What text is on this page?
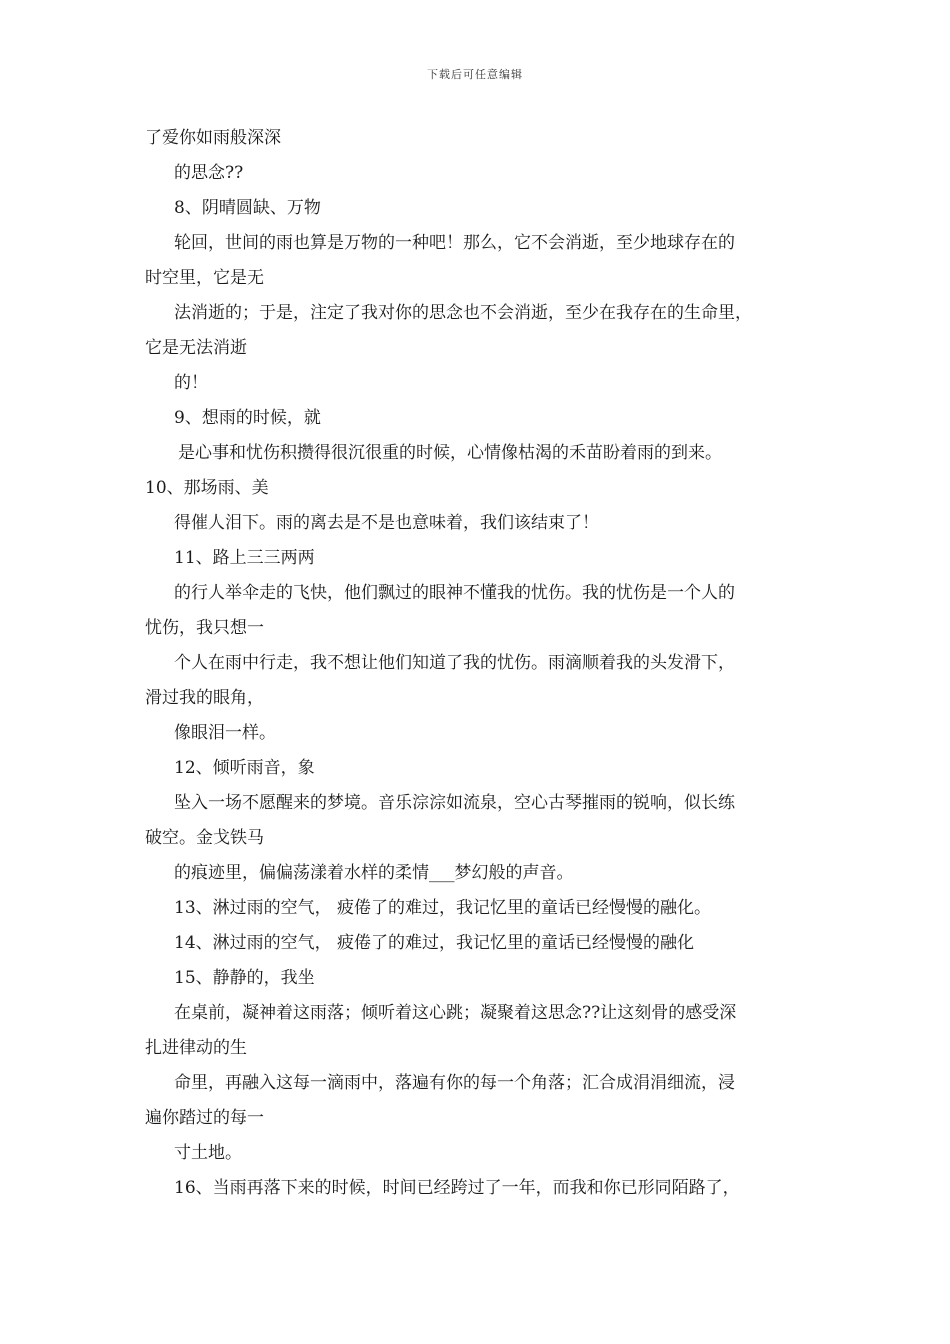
下载后可任意编辑
了爱你如雨般深深
的思念??
8、阴晴圆缺、万物
轮回，世间的雨也算是万物的一种吧！那么，它不会消逝，至少地球存在的
时空里，它是无
法消逝的；于是，注定了我对你的思念也不会消逝，至少在我存在的生命里，
它是无法消逝
的！
9、想雨的时候，就
是心事和忧伤积攒得很沉很重的时候，心情像枯渴的禾苗盼着雨的到来。
10、那场雨、美
得催人泪下。雨的离去是不是也意味着，我们该结束了！
11、路上三三两两
的行人举伞走的飞快，他们飘过的眼神不懂我的忧伤。我的忧伤是一个人的
忧伤，我只想一
个人在雨中行走，我不想让他们知道了我的忧伤。雨滴顺着我的头发滑下，
滑过我的眼角，
像眼泪一样。
12、倾听雨音，象
坠入一场不愿醒来的梦境。音乐淙淙如流泉，空心古琴摧雨的锐响，似长练
破空。金戈铁马
的痕迹里，偏偏荡漾着水样的柔情___梦幻般的声音。
13、淋过雨的空气， 疲倦了的难过，我记忆里的童话已经慢慢的融化。
14、淋过雨的空气， 疲倦了的难过，我记忆里的童话已经慢慢的融化
15、静静的，我坐
在桌前，凝神着这雨落；倾听着这心跳；凝聚着这思念??让这刻骨的感受深
扎进律动的生
命里，再融入这每一滴雨中，落遍有你的每一个角落；汇合成涓涓细流，浸
遍你踏过的每一
寸土地。
16、当雨再落下来的时候，时间已经跨过了一年，而我和你已形同陌路了，
